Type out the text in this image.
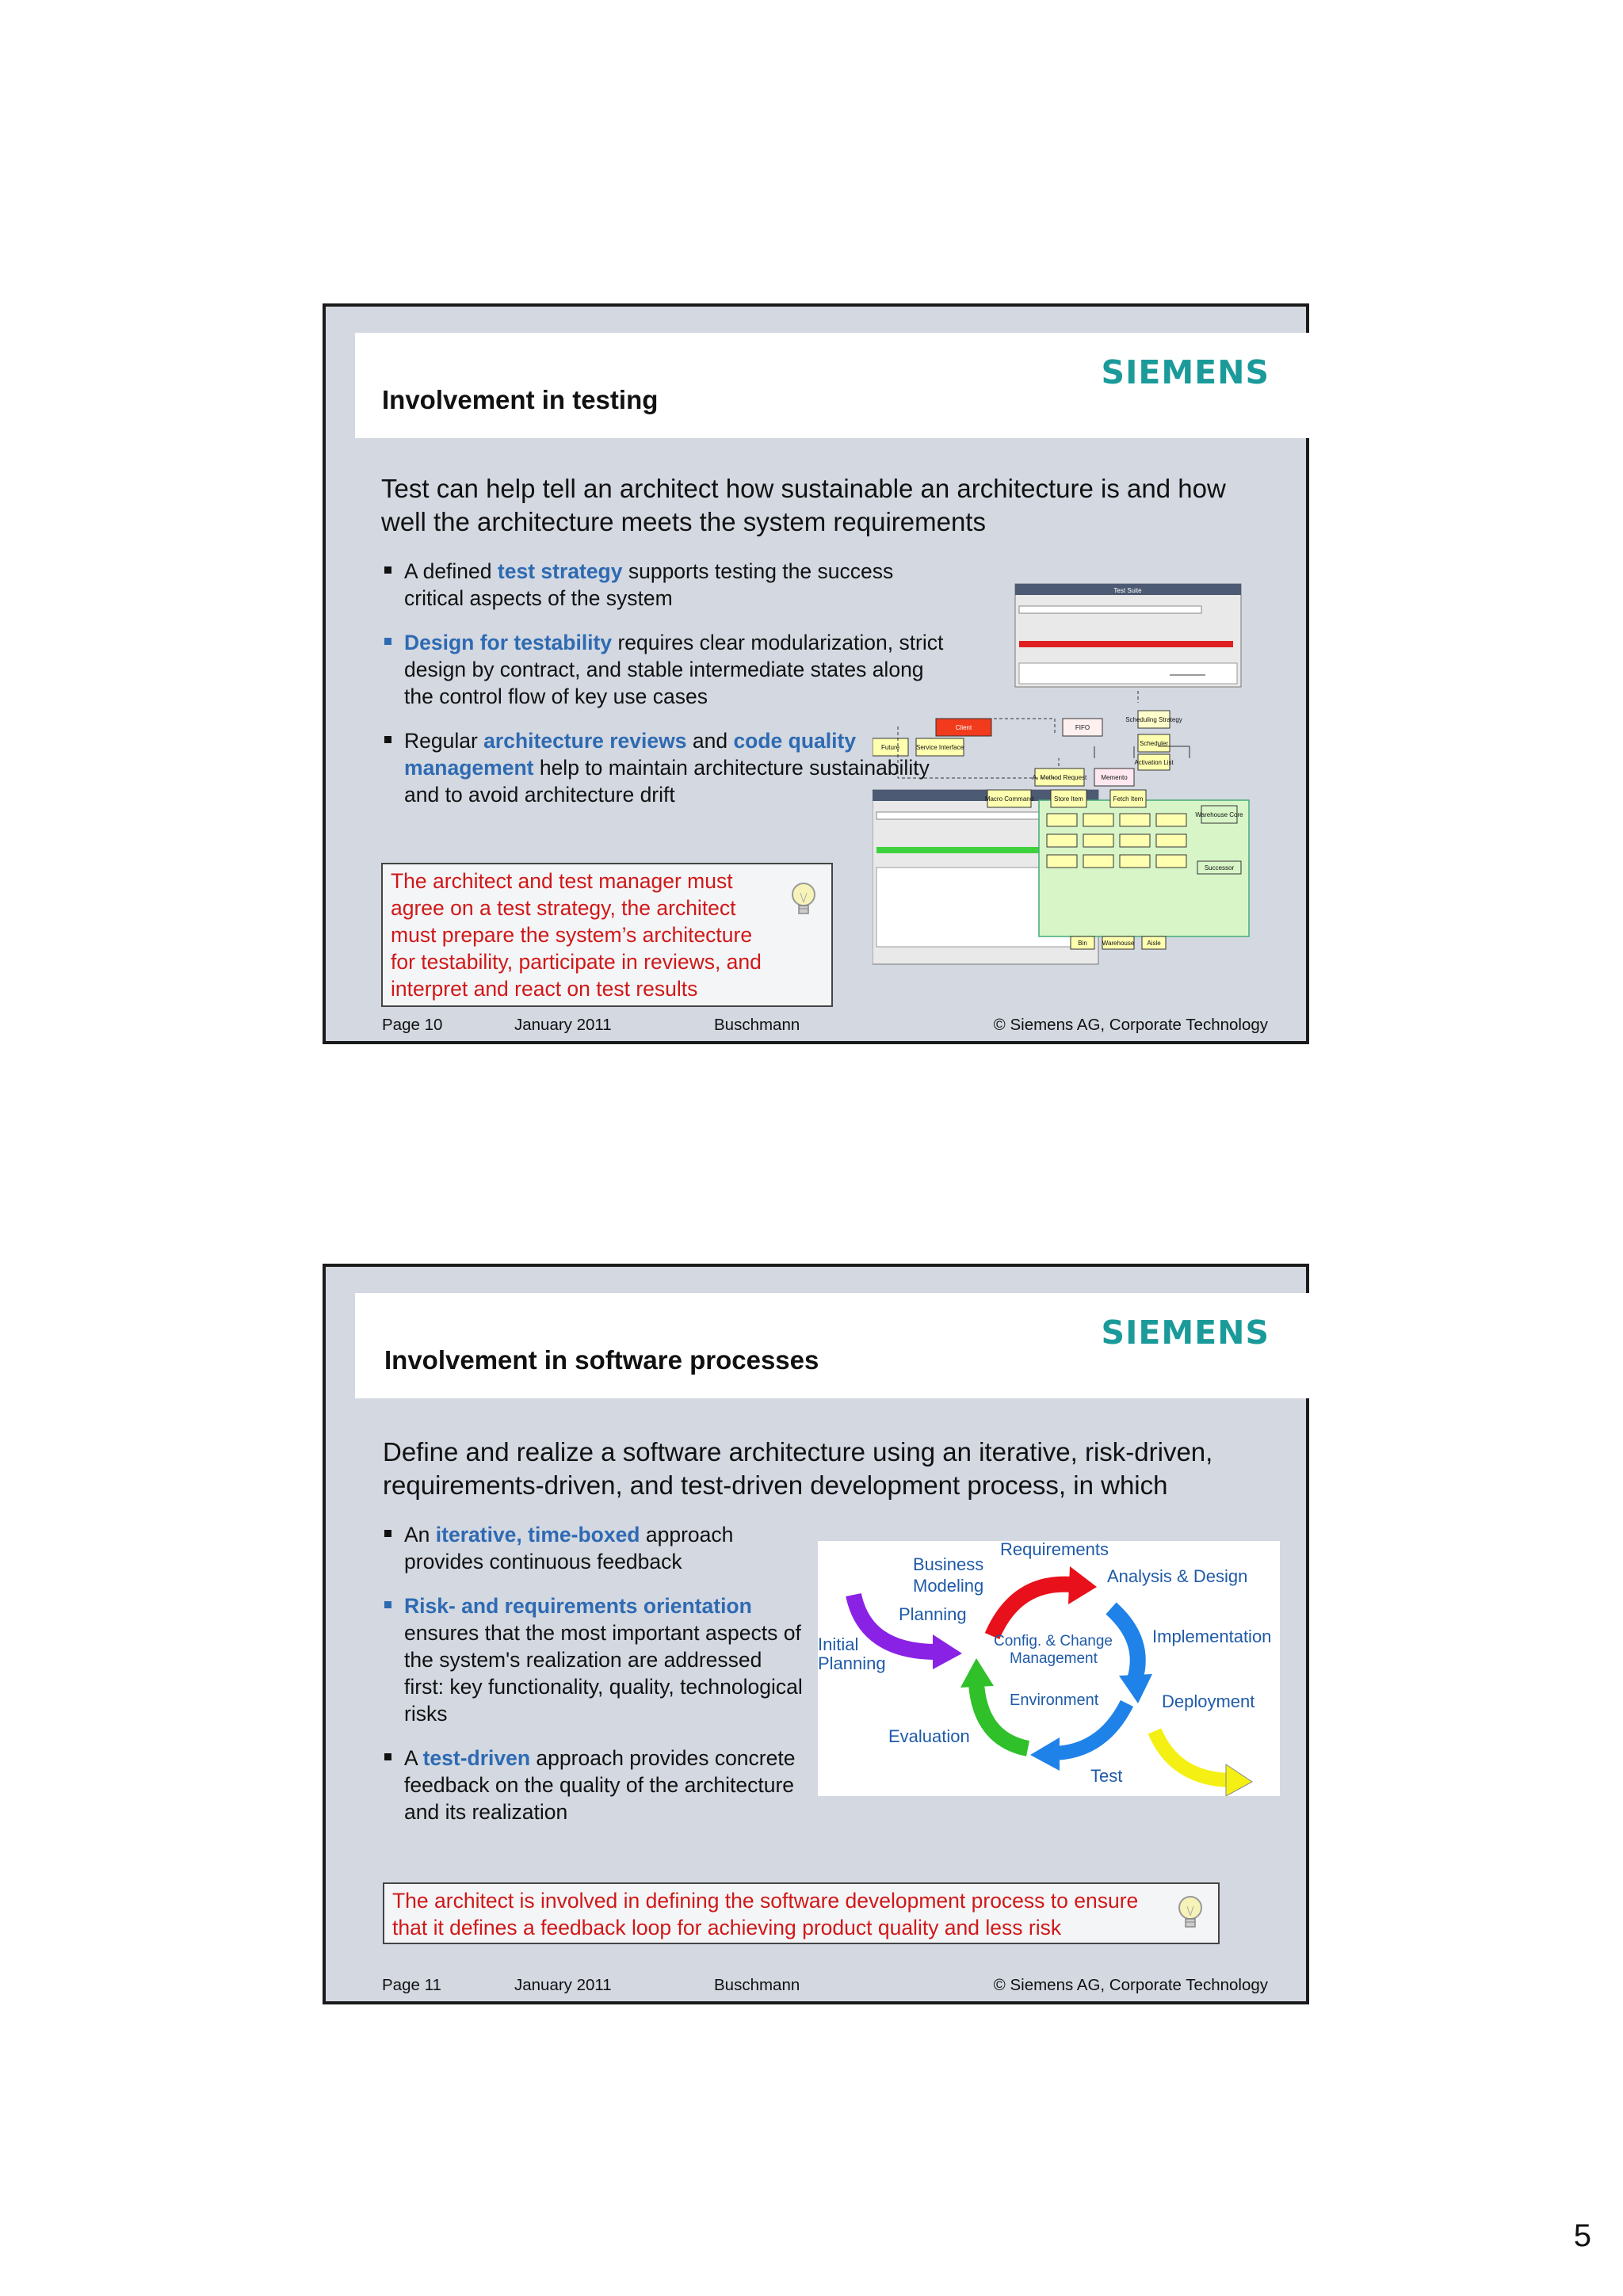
SIEMENS
Involvement in testing
Test can help tell an architect how sustainable an architecture is and how well the architecture meets the system requirements
A defined test strategy supports testing the success critical aspects of the system
Design for testability requires clear modularization, strict design by contract, and stable intermediate states along the control flow of key use cases
Regular architecture reviews and code quality management help to maintain architecture sustainability and to avoid architecture drift
The architect and test manager must agree on a test strategy, the architect must prepare the system’s architecture for testability, participate in reviews, and interpret and react on test results
Test Suite
Client	FIFO
Scheduling Strategy
Future	Service Interface
Scheduler
Activation List
A. Method Request Memento
Macro Command	Store Item	Fetch Item
Warehouse Core
Successor
Bin Warehouse Aisle
Page 10	January 2011	Buschmann	© Siemens AG, Corporate Technology
SIEMENS
Involvement in software processes
Define and realize a software architecture using an iterative, risk-driven, requirements-driven, and test-driven development process, in which
An iterative, time-boxed approach provides continuous feedback
Risk- and requirements orientation ensures that the most important aspects of the system's realization are addressed first: key functionality, quality, technological risks
A test-driven approach provides concrete feedback on the quality of the architecture and its realization
Initial
Planning
Business
Modeling
Requirements
Analysis & Design
Implementation
Deployment
Test
Evaluation
Planning
Config. & Change
Management
Environment
The architect is involved in defining the software development process to ensure that it defines a feedback loop for achieving product quality and less risk
Page 11	January 2011	Buschmann	© Siemens AG, Corporate Technology
5
